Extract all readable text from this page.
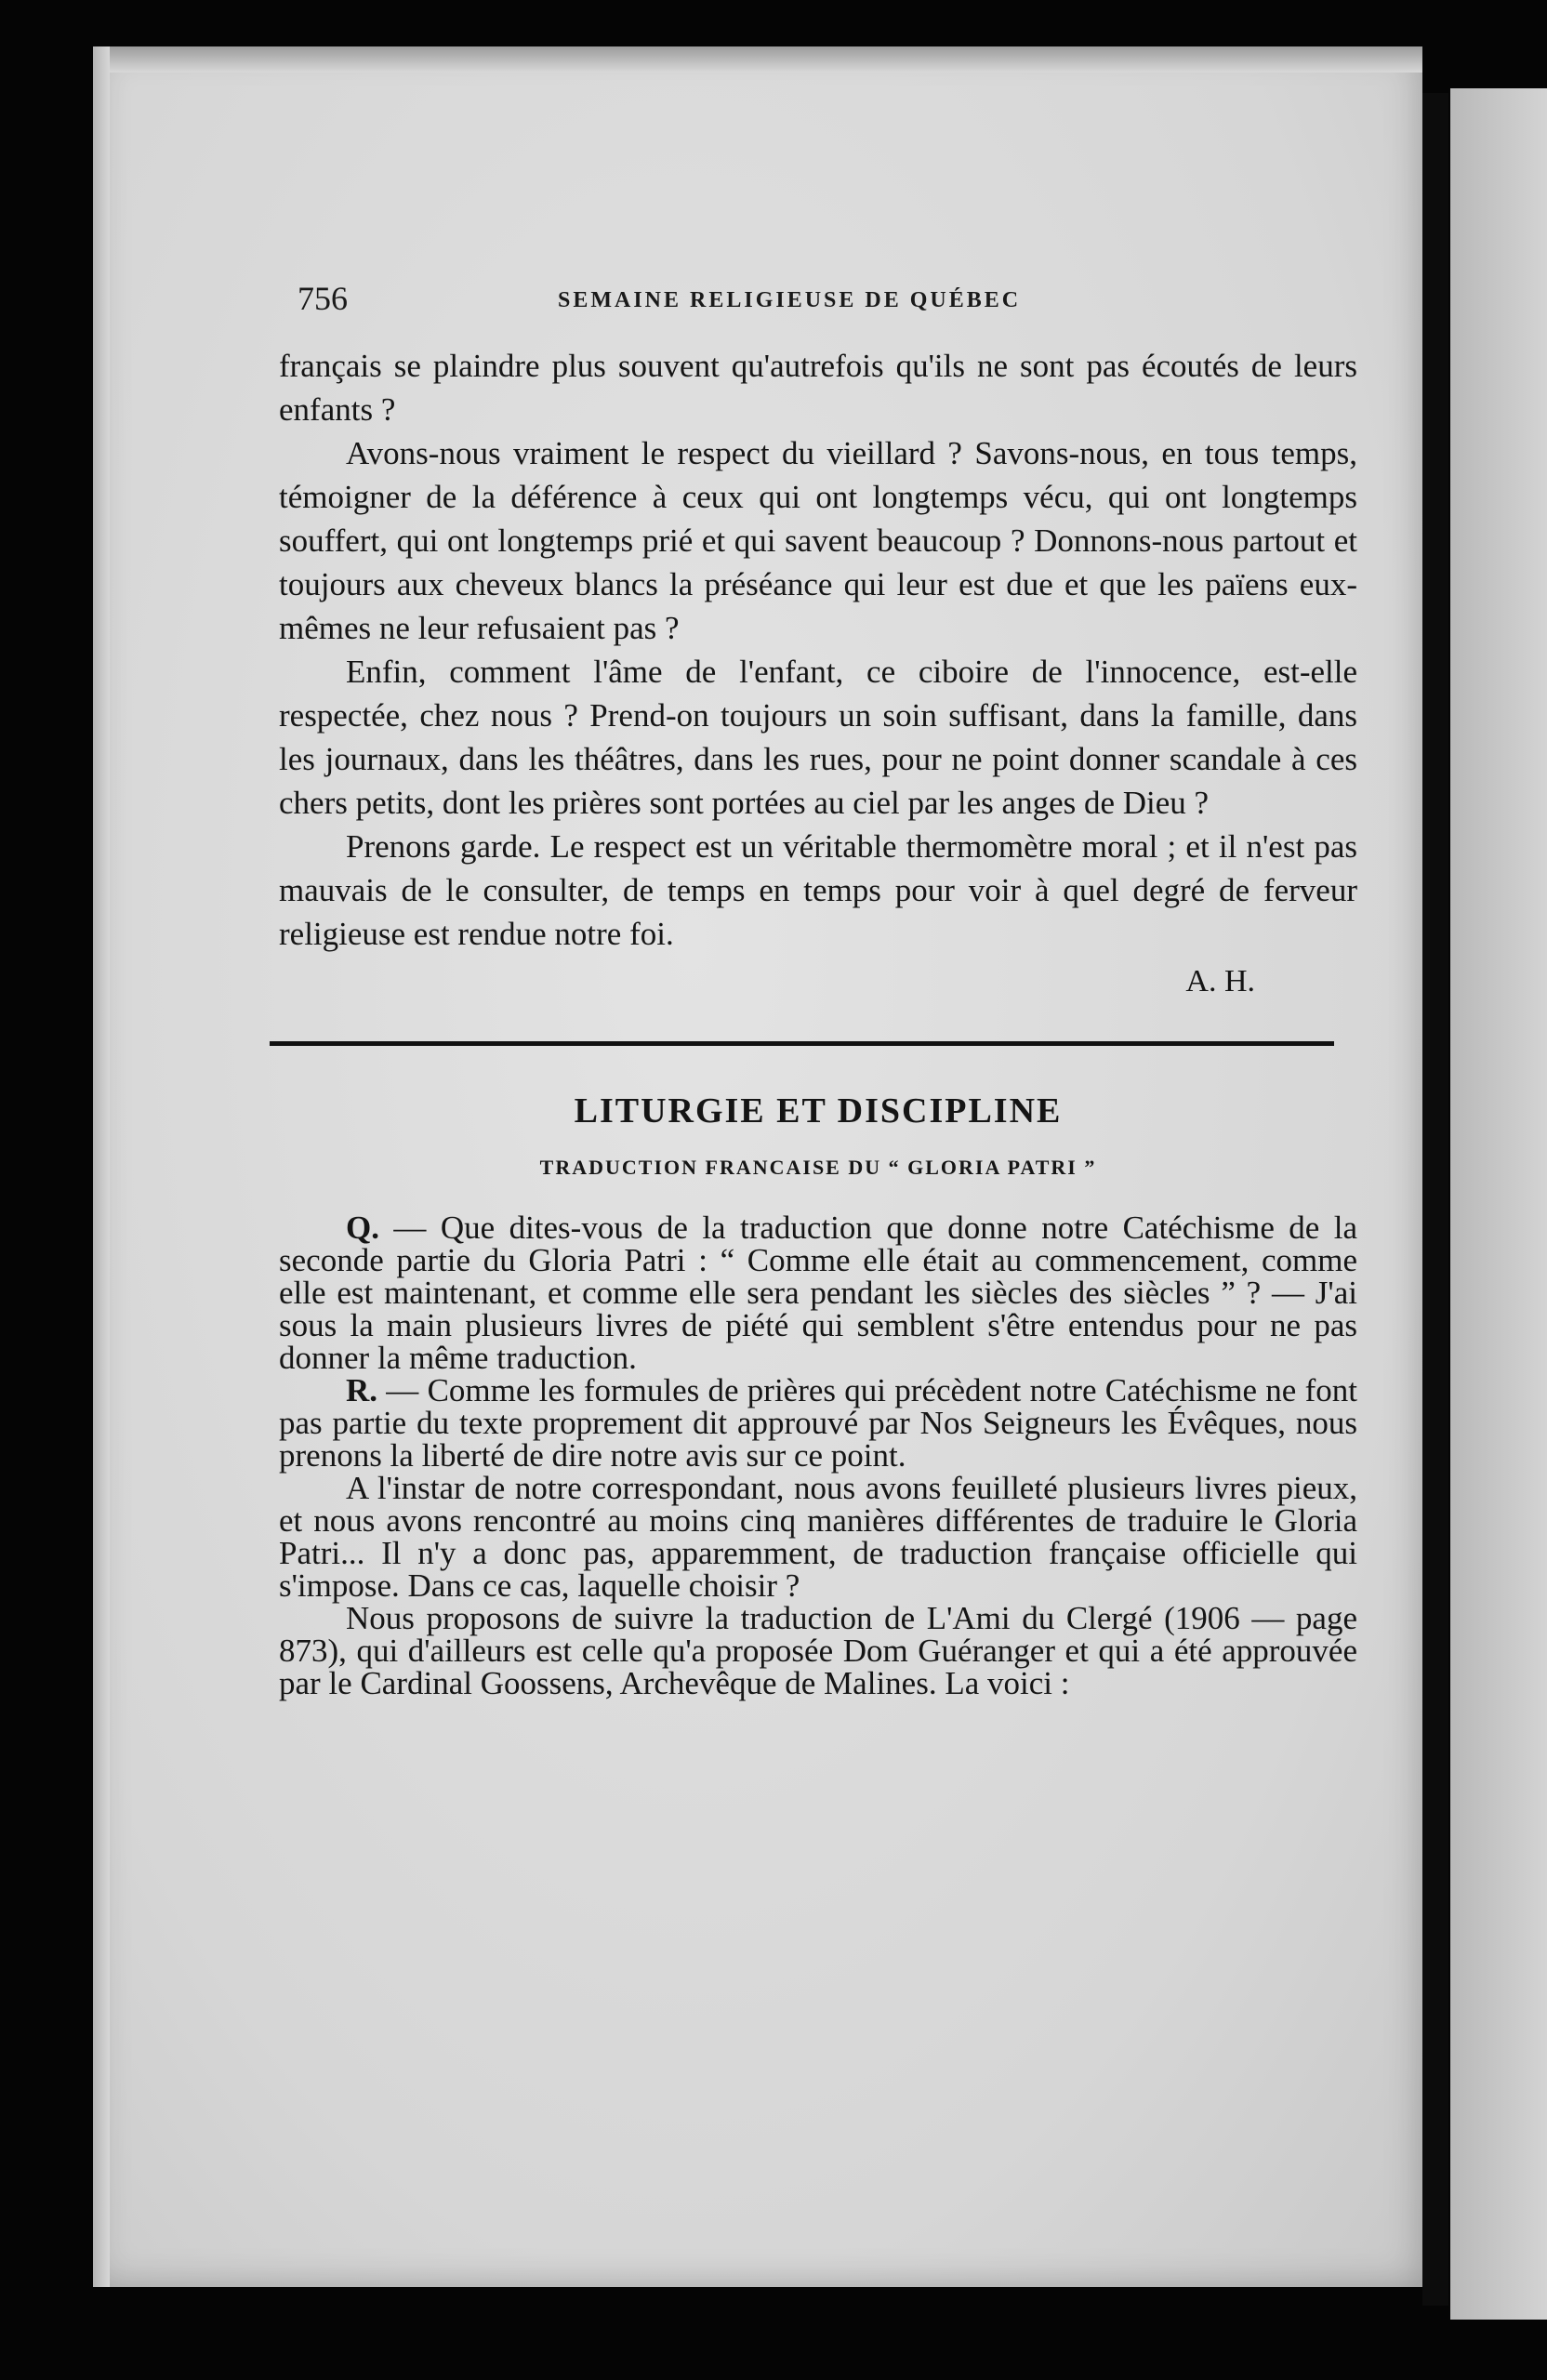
756	SEMAINE RELIGIEUSE DE QUÉBEC

français se plaindre plus souvent qu'autrefois qu'ils ne sont pas écoutés de leurs enfants ?

Avons-nous vraiment le respect du vieillard ? Savons-nous, en tous temps, témoigner de la déférence à ceux qui ont longtemps vécu, qui ont longtemps souffert, qui ont longtemps prié et qui savent beaucoup ? Donnons-nous partout et toujours aux cheveux blancs la préséance qui leur est due et que les païens eux-mêmes ne leur refusaient pas ?

Enfin, comment l'âme de l'enfant, ce ciboire de l'innocence, est-elle respectée, chez nous ? Prend-on toujours un soin suffisant, dans la famille, dans les journaux, dans les théâtres, dans les rues, pour ne point donner scandale à ces chers petits, dont les prières sont portées au ciel par les anges de Dieu ?

Prenons garde. Le respect est un véritable thermomètre moral ; et il n'est pas mauvais de le consulter, de temps en temps pour voir à quel degré de ferveur religieuse est rendue notre foi.

A. H.
LITURGIE ET DISCIPLINE
TRADUCTION FRANCAISE DU “ GLORIA PATRI ”

Q. — Que dites-vous de la traduction que donne notre Catéchisme de la seconde partie du Gloria Patri : “ Comme elle était au commencement, comme elle est maintenant, et comme elle sera pendant les siècles des siècles ” ? — J'ai sous la main plusieurs livres de piété qui semblent s'être entendus pour ne pas donner la même traduction.

R. — Comme les formules de prières qui précèdent notre Catéchisme ne font pas partie du texte proprement dit approuvé par Nos Seigneurs les Évêques, nous prenons la liberté de dire notre avis sur ce point.

A l'instar de notre correspondant, nous avons feuilleté plusieurs livres pieux, et nous avons rencontré au moins cinq manières différentes de traduire le Gloria Patri... Il n'y a donc pas, apparemment, de traduction française officielle qui s'impose. Dans ce cas, laquelle choisir ?

Nous proposons de suivre la traduction de L'Ami du Clergé (1906 — page 873), qui d'ailleurs est celle qu'a proposée Dom Guéranger et qui a été approuvée par le Cardinal Goossens, Archevêque de Malines. La voici :
